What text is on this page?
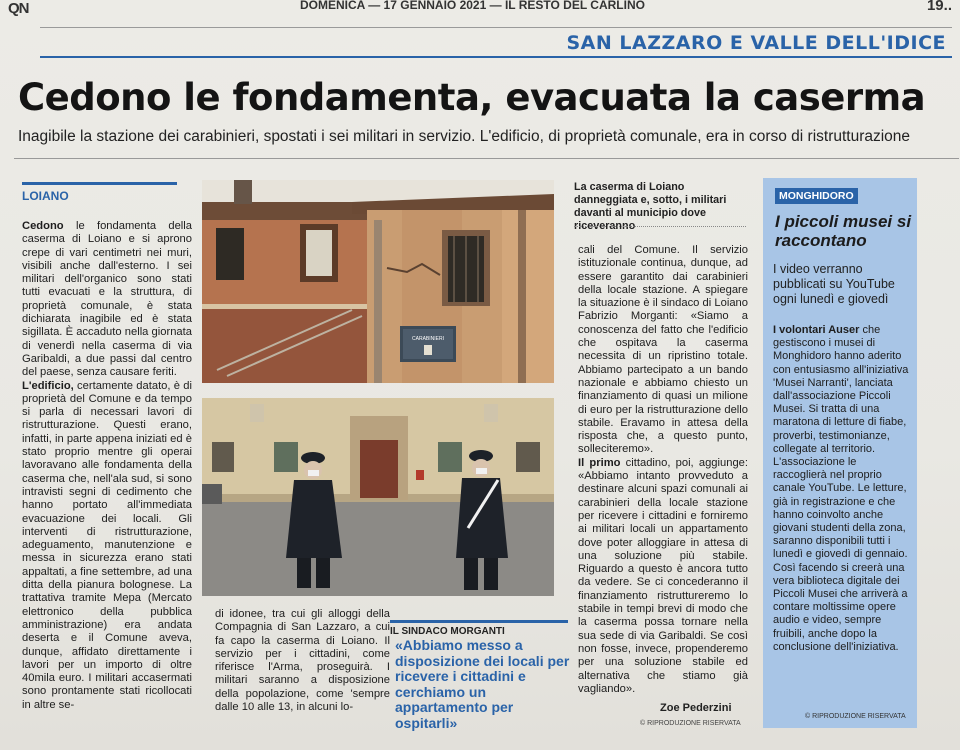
QN	DOMENICA — 17 GENNAIO 2021 — IL RESTO DEL CARLINO	19..
SAN LAZZARO E VALLE DELL'IDICE
Cedono le fondamenta, evacuata la caserma
Inagibile la stazione dei carabinieri, spostati i sei militari in servizio. L'edificio, di proprietà comunale, era in corso di ristrutturazione
LOIANO
Cedono le fondamenta della caserma di Loiano e si aprono crepe di vari centimetri nei muri, visibili anche dall'esterno. I sei militari dell'organico sono stati tutti evacuati e la struttura, di proprietà comunale, è stata dichiarata inagibile ed è stata sigillata. È accaduto nella giornata di venerdì nella caserma di via Garibaldi, a due passi dal centro del paese, senza causare feriti.
L'edificio, certamente datato, è di proprietà del Comune e da tempo si parla di necessari lavori di ristrutturazione. Questi erano, infatti, in parte appena iniziati ed è stato proprio mentre gli operai lavoravano alle fondamenta della caserma che, nell'ala sud, si sono intravisti segni di cedimento che hanno portato all'immediata evacuazione dei locali. Gli interventi di ristrutturazione, adeguamento, manutenzione e messa in sicurezza erano stati appaltati, a fine settembre, ad una ditta della pianura bolognese. La trattativa tramite Mepa (Mercato elettronico della pubblica amministrazione) era andata deserta e il Comune aveva, dunque, affidato direttamente i lavori per un importo di oltre 40mila euro. I militari accasermati sono prontamente stati ricollocati in altre se-
CARABINIERI
La caserma di Loiano danneggiata e, sotto, i militari davanti al municipio dove riceveranno
cali del Comune. Il servizio istituzionale continua, dunque, ad essere garantito dai carabinieri della locale stazione. A spiegare la situazione è il sindaco di Loiano Fabrizio Morganti: «Siamo a conoscenza del fatto che l'edificio che ospitava la caserma necessita di un ripristino totale. Abbiamo partecipato a un bando nazionale e abbiamo chiesto un finanziamento di quasi un milione di euro per la ristrutturazione dello stabile. Eravamo in attesa della risposta che, a questo punto, solleciteremo».
Il primo cittadino, poi, aggiunge: «Abbiamo intanto provveduto a destinare alcuni spazi comunali ai carabinieri della locale stazione per ricevere i cittadini e forniremo ai militari locali un appartamento dove poter alloggiare in attesa di una soluzione più stabile. Riguardo a questo è ancora tutto da vedere. Se ci concederanno il finanziamento ristruttureremo lo stabile in tempi brevi di modo che la caserma possa tornare nella sua sede di via Garibaldi. Se così non fosse, invece, propenderemo per una soluzione stabile ed alternativa che stiamo già vagliando».
Zoe Pederzini
© RIPRODUZIONE RISERVATA
di idonee, tra cui gli alloggi della Compagnia di San Lazzaro, a cui fa capo la caserma di Loiano. Il servizio per i cittadini, come riferisce l'Arma, proseguirà. I militari saranno a disposizione della popolazione, come 'sempre dalle 10 alle 13, in alcuni lo-
IL SINDACO MORGANTI
«Abbiamo messo a disposizione dei locali per ricevere i cittadini e cerchiamo un appartamento per ospitarli»
MONGHIDORO
I piccoli musei si raccontano
I video verranno pubblicati su YouTube ogni lunedì e giovedì
I volontari Auser che gestiscono i musei di Monghidoro hanno aderito con entusiasmo all'iniziativa 'Musei Narranti', lanciata dall'associazione Piccoli Musei. Si tratta di una maratona di letture di fiabe, proverbi, testimonianze, collegate al territorio. L'associazione le raccoglierà nel proprio canale YouTube. Le letture, già in registrazione e che hanno coinvolto anche giovani studenti della zona, saranno disponibili tutti i lunedì e giovedì di gennaio. Così facendo si creerà una vera biblioteca digitale dei Piccoli Musei che arriverà a contare moltissime opere audio e video, sempre fruibili, anche dopo la conclusione dell'iniziativa.
© RIPRODUZIONE RISERVATA
